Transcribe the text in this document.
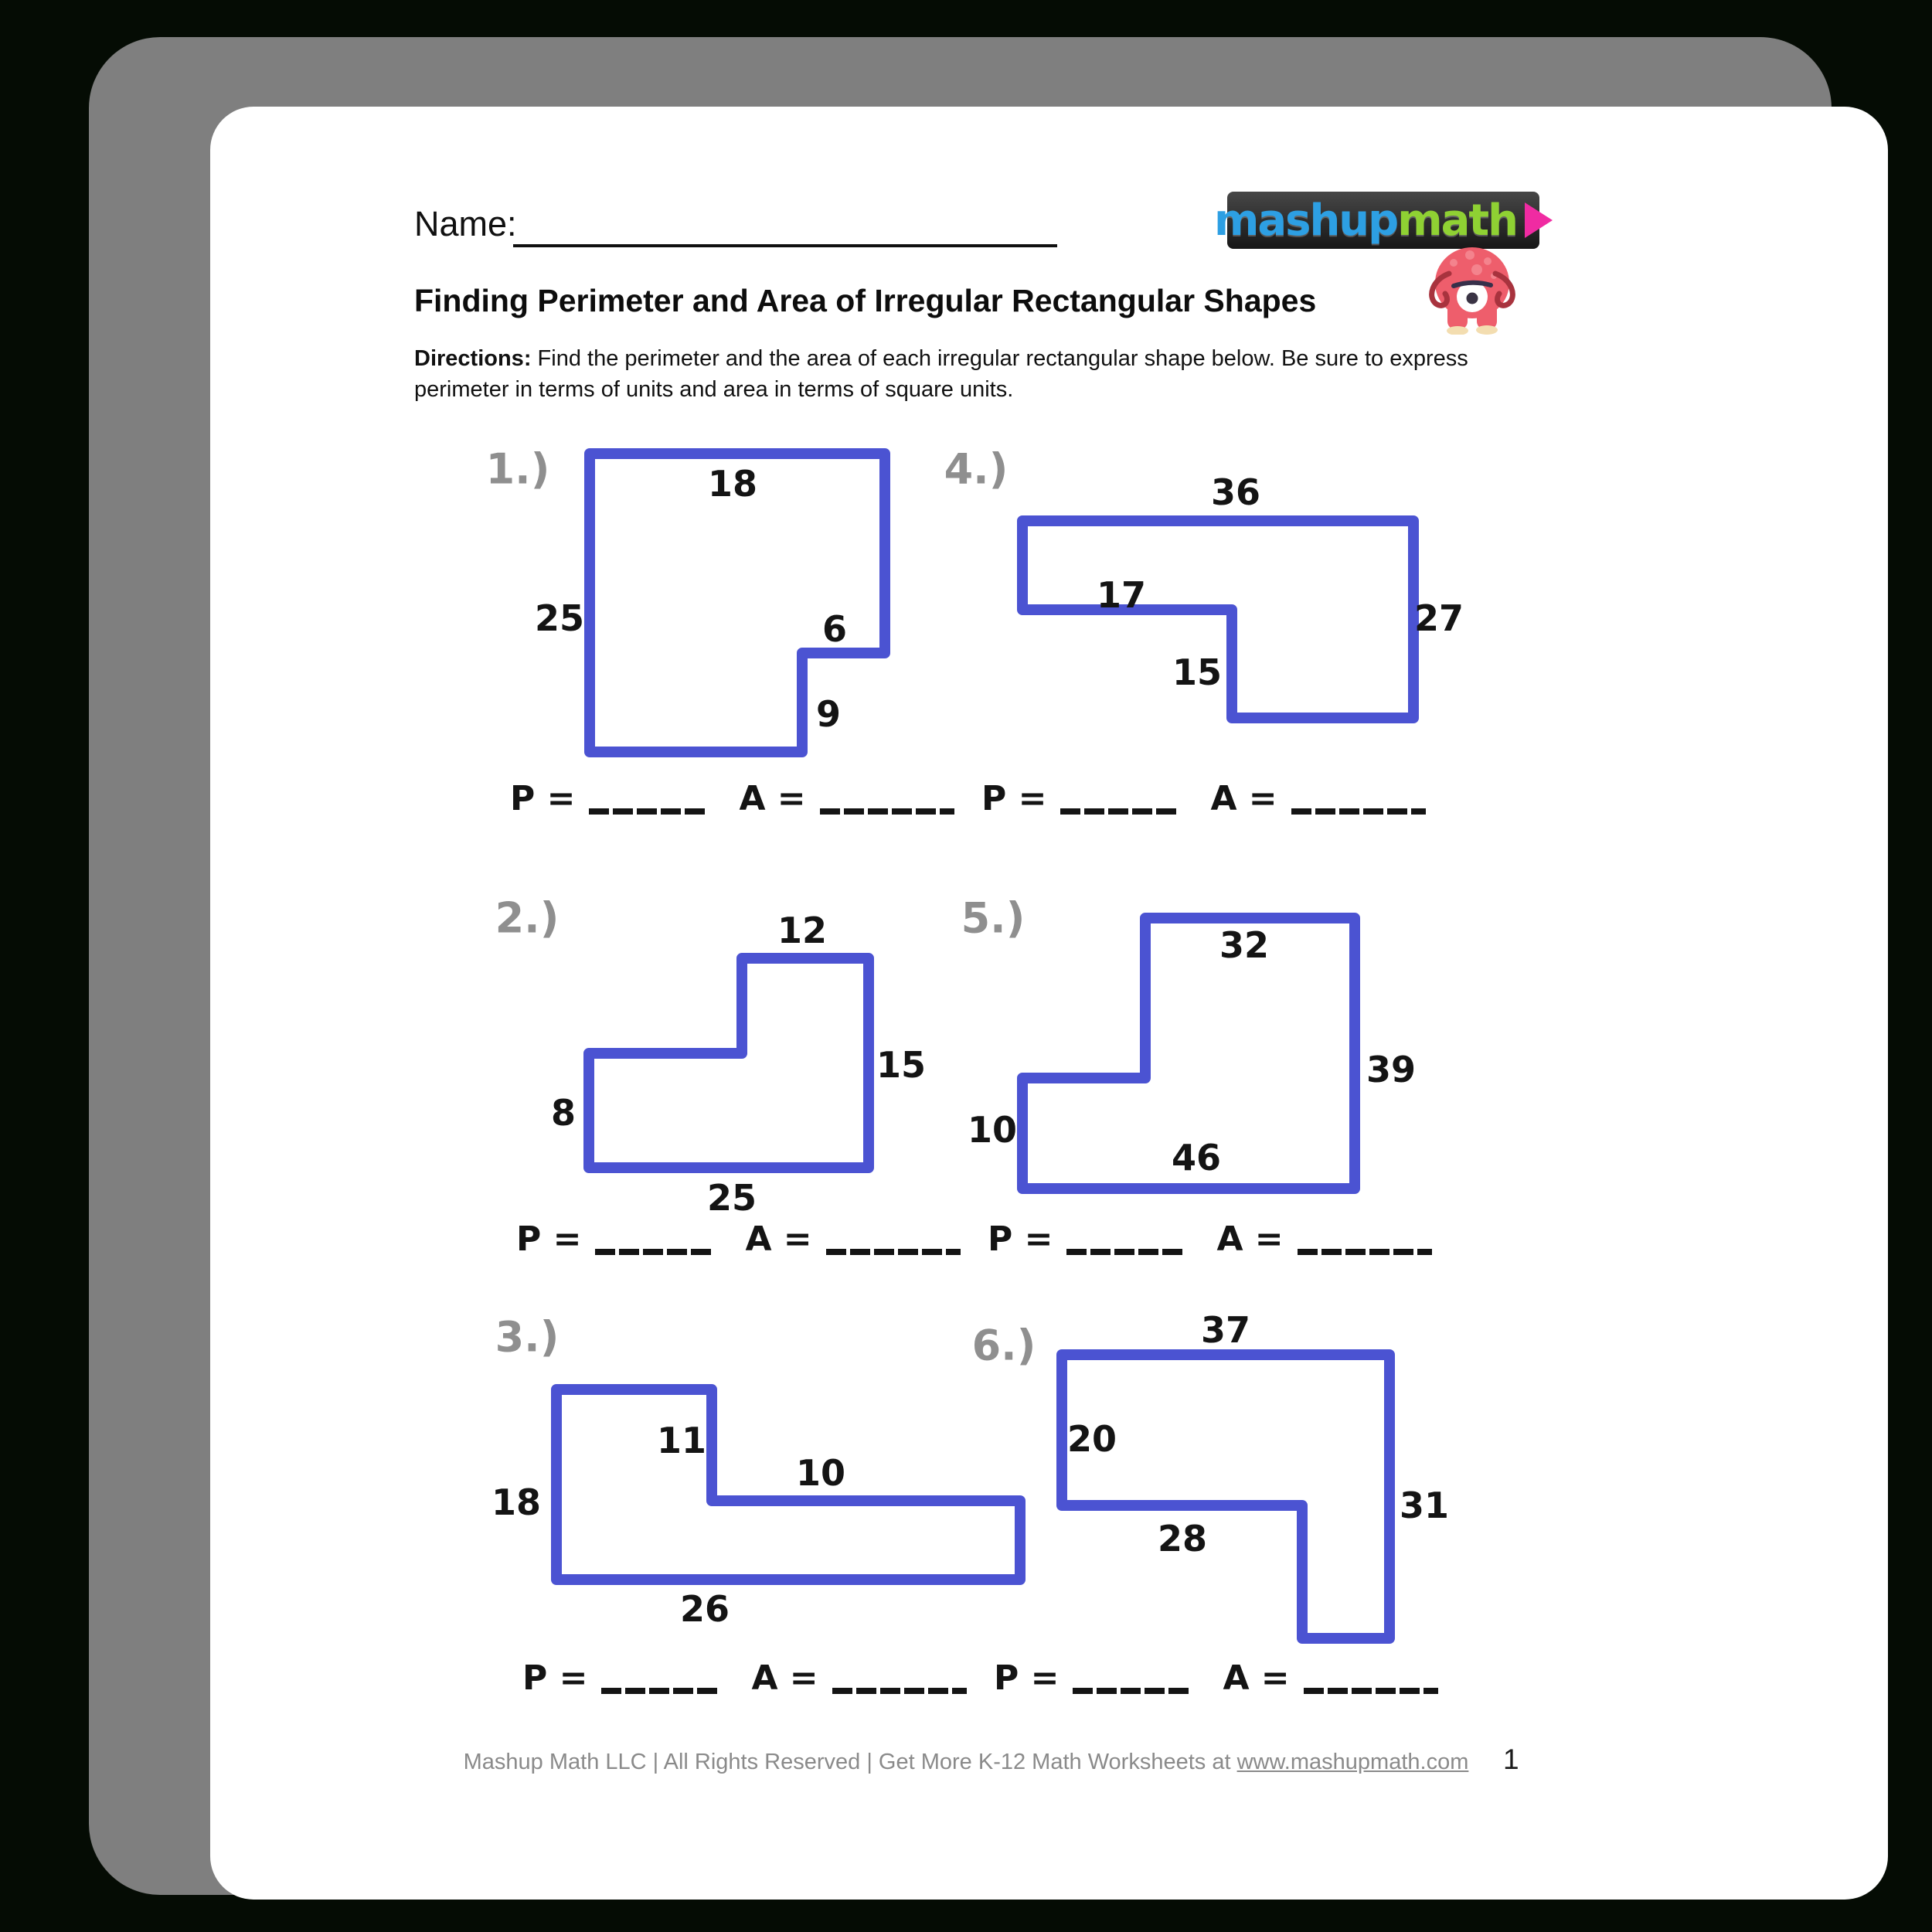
Name:	mashup math
Finding Perimeter and Area of Irregular Rectangular Shapes
Directions: Find the perimeter and the area of each irregular rectangular shape below. Be sure to express
perimeter in terms of units and area in terms of square units.
1.)	18
25	6
9
4.)	36
17
27
15
P =	A =	P =	A =
2.)	12
15
8
25
5.)
32
39
10
46
P =	A =	P =	A =
3.)
11
10
18
26
6.)	37
20
31
28
P =	A =	P =	A =
Mashup Math LLC | All Rights Reserved | Get More K-12 Math Worksheets at www.mashupmath.com	1
